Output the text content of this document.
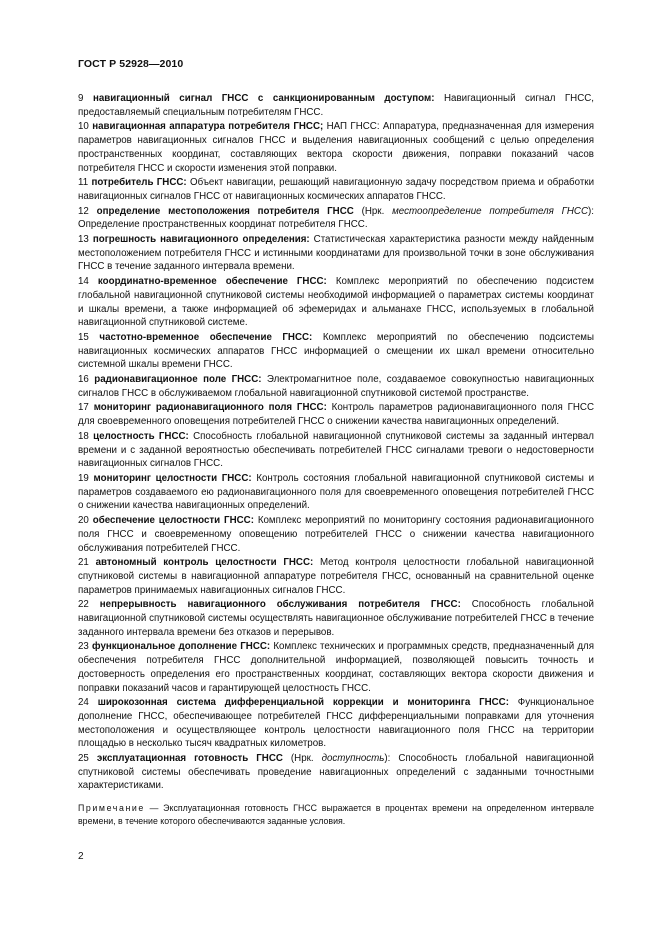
ГОСТ Р 52928—2010

9 навигационный сигнал ГНСС с санкционированным доступом: Навигационный сигнал ГНСС, предоставляемый специальным потребителям ГНСС.

10 навигационная аппаратура потребителя ГНСС; НАП ГНСС: Аппаратура, предназначенная для измерения параметров навигационных сигналов ГНСС и выделения навигационных сообщений с целью определения пространственных координат, составляющих вектора скорости движения, поправки показаний часов потребителя ГНСС и скорости изменения этой поправки.

11 потребитель ГНСС: Объект навигации, решающий навигационную задачу посредством приема и обработки навигационных сигналов ГНСС от навигационных космических аппаратов ГНСС.

12 определение местоположения потребителя ГНСС (Нрк. местоопределение потребителя ГНСС): Определение пространственных координат потребителя ГНСС.

13 погрешность навигационного определения: Статистическая характеристика разности между найденным местоположением потребителя ГНСС и истинными координатами для произвольной точки в зоне обслуживания ГНСС в течение заданного интервала времени.

14 координатно-временное обеспечение ГНСС: Комплекс мероприятий по обеспечению подсистем глобальной навигационной спутниковой системы необходимой информацией о параметрах системы координат и шкалы времени, а также информацией об эфемеридах и альманахе ГНСС, используемых в глобальной навигационной спутниковой системе.

15 частотно-временное обеспечение ГНСС: Комплекс мероприятий по обеспечению подсистемы навигационных космических аппаратов ГНСС информацией о смещении их шкал времени относительно системной шкалы времени ГНСС.

16 радионавигационное поле ГНСС: Электромагнитное поле, создаваемое совокупностью навигационных сигналов ГНСС в обслуживаемом глобальной навигационной спутниковой системой пространстве.

17 мониторинг радионавигационного поля ГНСС: Контроль параметров радионавигационного поля ГНСС для своевременного оповещения потребителей ГНСС о снижении качества навигационных определений.

18 целостность ГНСС: Способность глобальной навигационной спутниковой системы за заданный интервал времени и с заданной вероятностью обеспечивать потребителей ГНСС сигналами тревоги о недостоверности навигационных сигналов ГНСС.

19 мониторинг целостности ГНСС: Контроль состояния глобальной навигационной спутниковой системы и параметров создаваемого ею радионавигационного поля для своевременного оповещения потребителей ГНСС о снижении качества навигационных определений.

20 обеспечение целостности ГНСС: Комплекс мероприятий по мониторингу состояния радионавигационного поля ГНСС и своевременному оповещению потребителей ГНСС о снижении качества навигационного обслуживания потребителей ГНСС.

21 автономный контроль целостности ГНСС: Метод контроля целостности глобальной навигационной спутниковой системы в навигационной аппаратуре потребителя ГНСС, основанный на сравнительной оценке параметров принимаемых навигационных сигналов ГНСС.

22 непрерывность навигационного обслуживания потребителя ГНСС: Способность глобальной навигационной спутниковой системы осуществлять навигационное обслуживание потребителей ГНСС в течение заданного интервала времени без отказов и перерывов.

23 функциональное дополнение ГНСС: Комплекс технических и программных средств, предназначенный для обеспечения потребителя ГНСС дополнительной информацией, позволяющей повысить точность и достоверность определения его пространственных координат, составляющих вектора скорости движения и поправки показаний часов и гарантирующей целостность ГНСС.

24 широкозонная система дифференциальной коррекции и мониторинга ГНСС: Функциональное дополнение ГНСС, обеспечивающее потребителей ГНСС дифференциальными поправками для уточнения местоположения и осуществляющее контроль целостности навигационного поля ГНСС на территории площадью в несколько тысяч квадратных километров.

25 эксплуатационная готовность ГНСС (Нрк. доступность): Способность глобальной навигационной спутниковой системы обеспечивать проведение навигационных определений с заданными точностными характеристиками.

Примечание — Эксплуатационная готовность ГНСС выражается в процентах времени на определенном интервале времени, в течение которого обеспечиваются заданные условия.
2
